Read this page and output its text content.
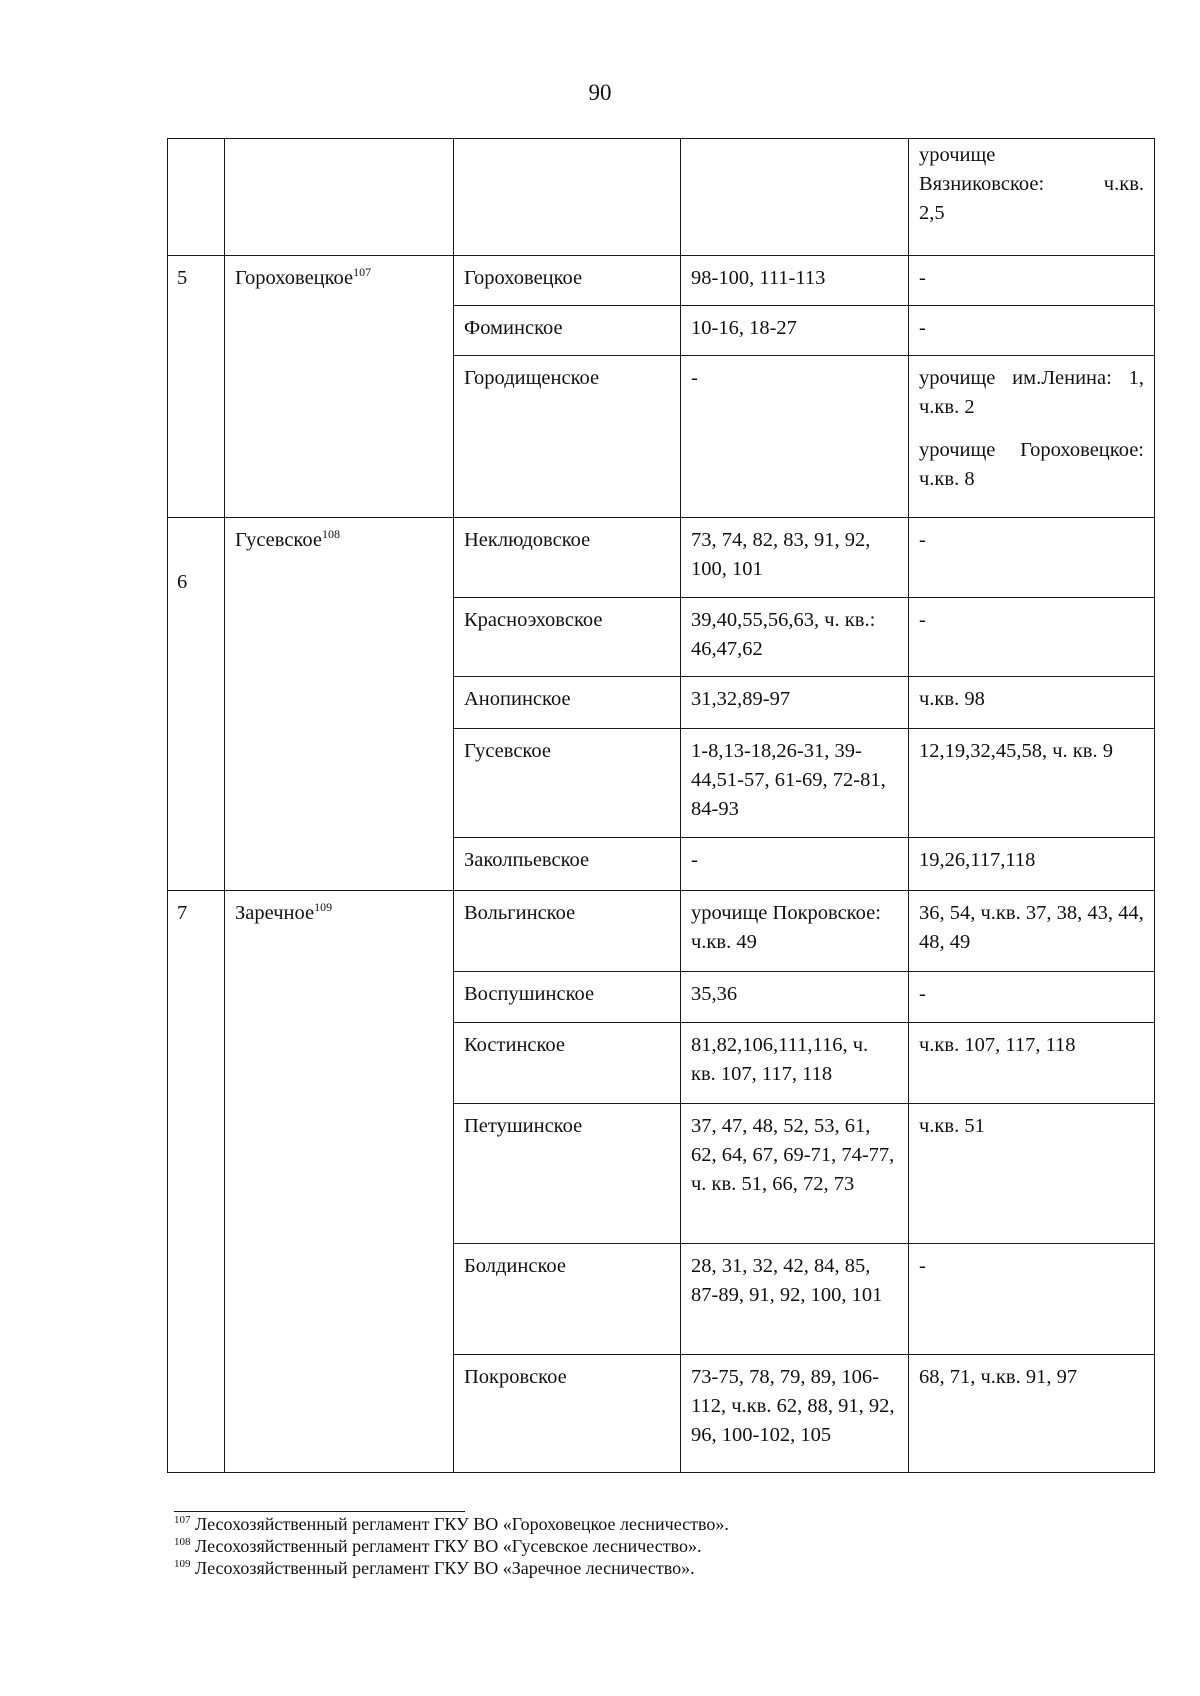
90

				урочище
Вязниковское: ч.кв.
2,5

5	Гороховецкое$^{107}$	Гороховецкое	98-100, 111-113	-
		Фоминское	10-16, 18-27	-
		Городищенское	-	урочище им.Ленина: 1, ч.кв. 2
урочище Гороховецкое: ч.кв. 8

6	Гусевское$^{108}$	Неклюдовское	73, 74, 82, 83, 91, 92, 100, 101	-
		Красноэховское	39,40,55,56,63, ч. кв.: 46,47,62	-
		Анопинское	31,32,89-97	ч.кв. 98
		Гусевское	1-8,13-18,26-31, 39-44,51-57, 61-69, 72-81, 84-93	12,19,32,45,58, ч. кв. 9
		Заколпьевское	-	19,26,117,118
7	Заречное$^{109}$	Вольгинское	урочище Покровское: ч.кв. 49	36, 54, ч.кв. 37, 38, 43, 44, 48, 49
		Воспушинское	35,36	-
		Костинское	81,82,106,111,116, ч. кв. 107, 117, 118	ч.кв. 107, 117, 118
		Петушинское	37, 47, 48, 52, 53, 61, 62, 64, 67, 69-71, 74-77, ч. кв. 51, 66, 72, 73	ч.кв. 51
		Болдинское	28, 31, 32, 42, 84, 85, 87-89, 91, 92, 100, 101	-
		Покровское	73-75, 78, 79, 89, 106-112, ч.кв. 62, 88, 91, 92, 96, 100-102, 105	68, 71, ч.кв. 91, 97
$^{107}$ Лесохозяйственный регламент ГКУ ВО «Гороховецкое лесничество».
$^{108}$ Лесохозяйственный регламент ГКУ ВО «Гусевское лесничество».
$^{109}$ Лесохозяйственный регламент ГКУ ВО «Заречное лесничество».
